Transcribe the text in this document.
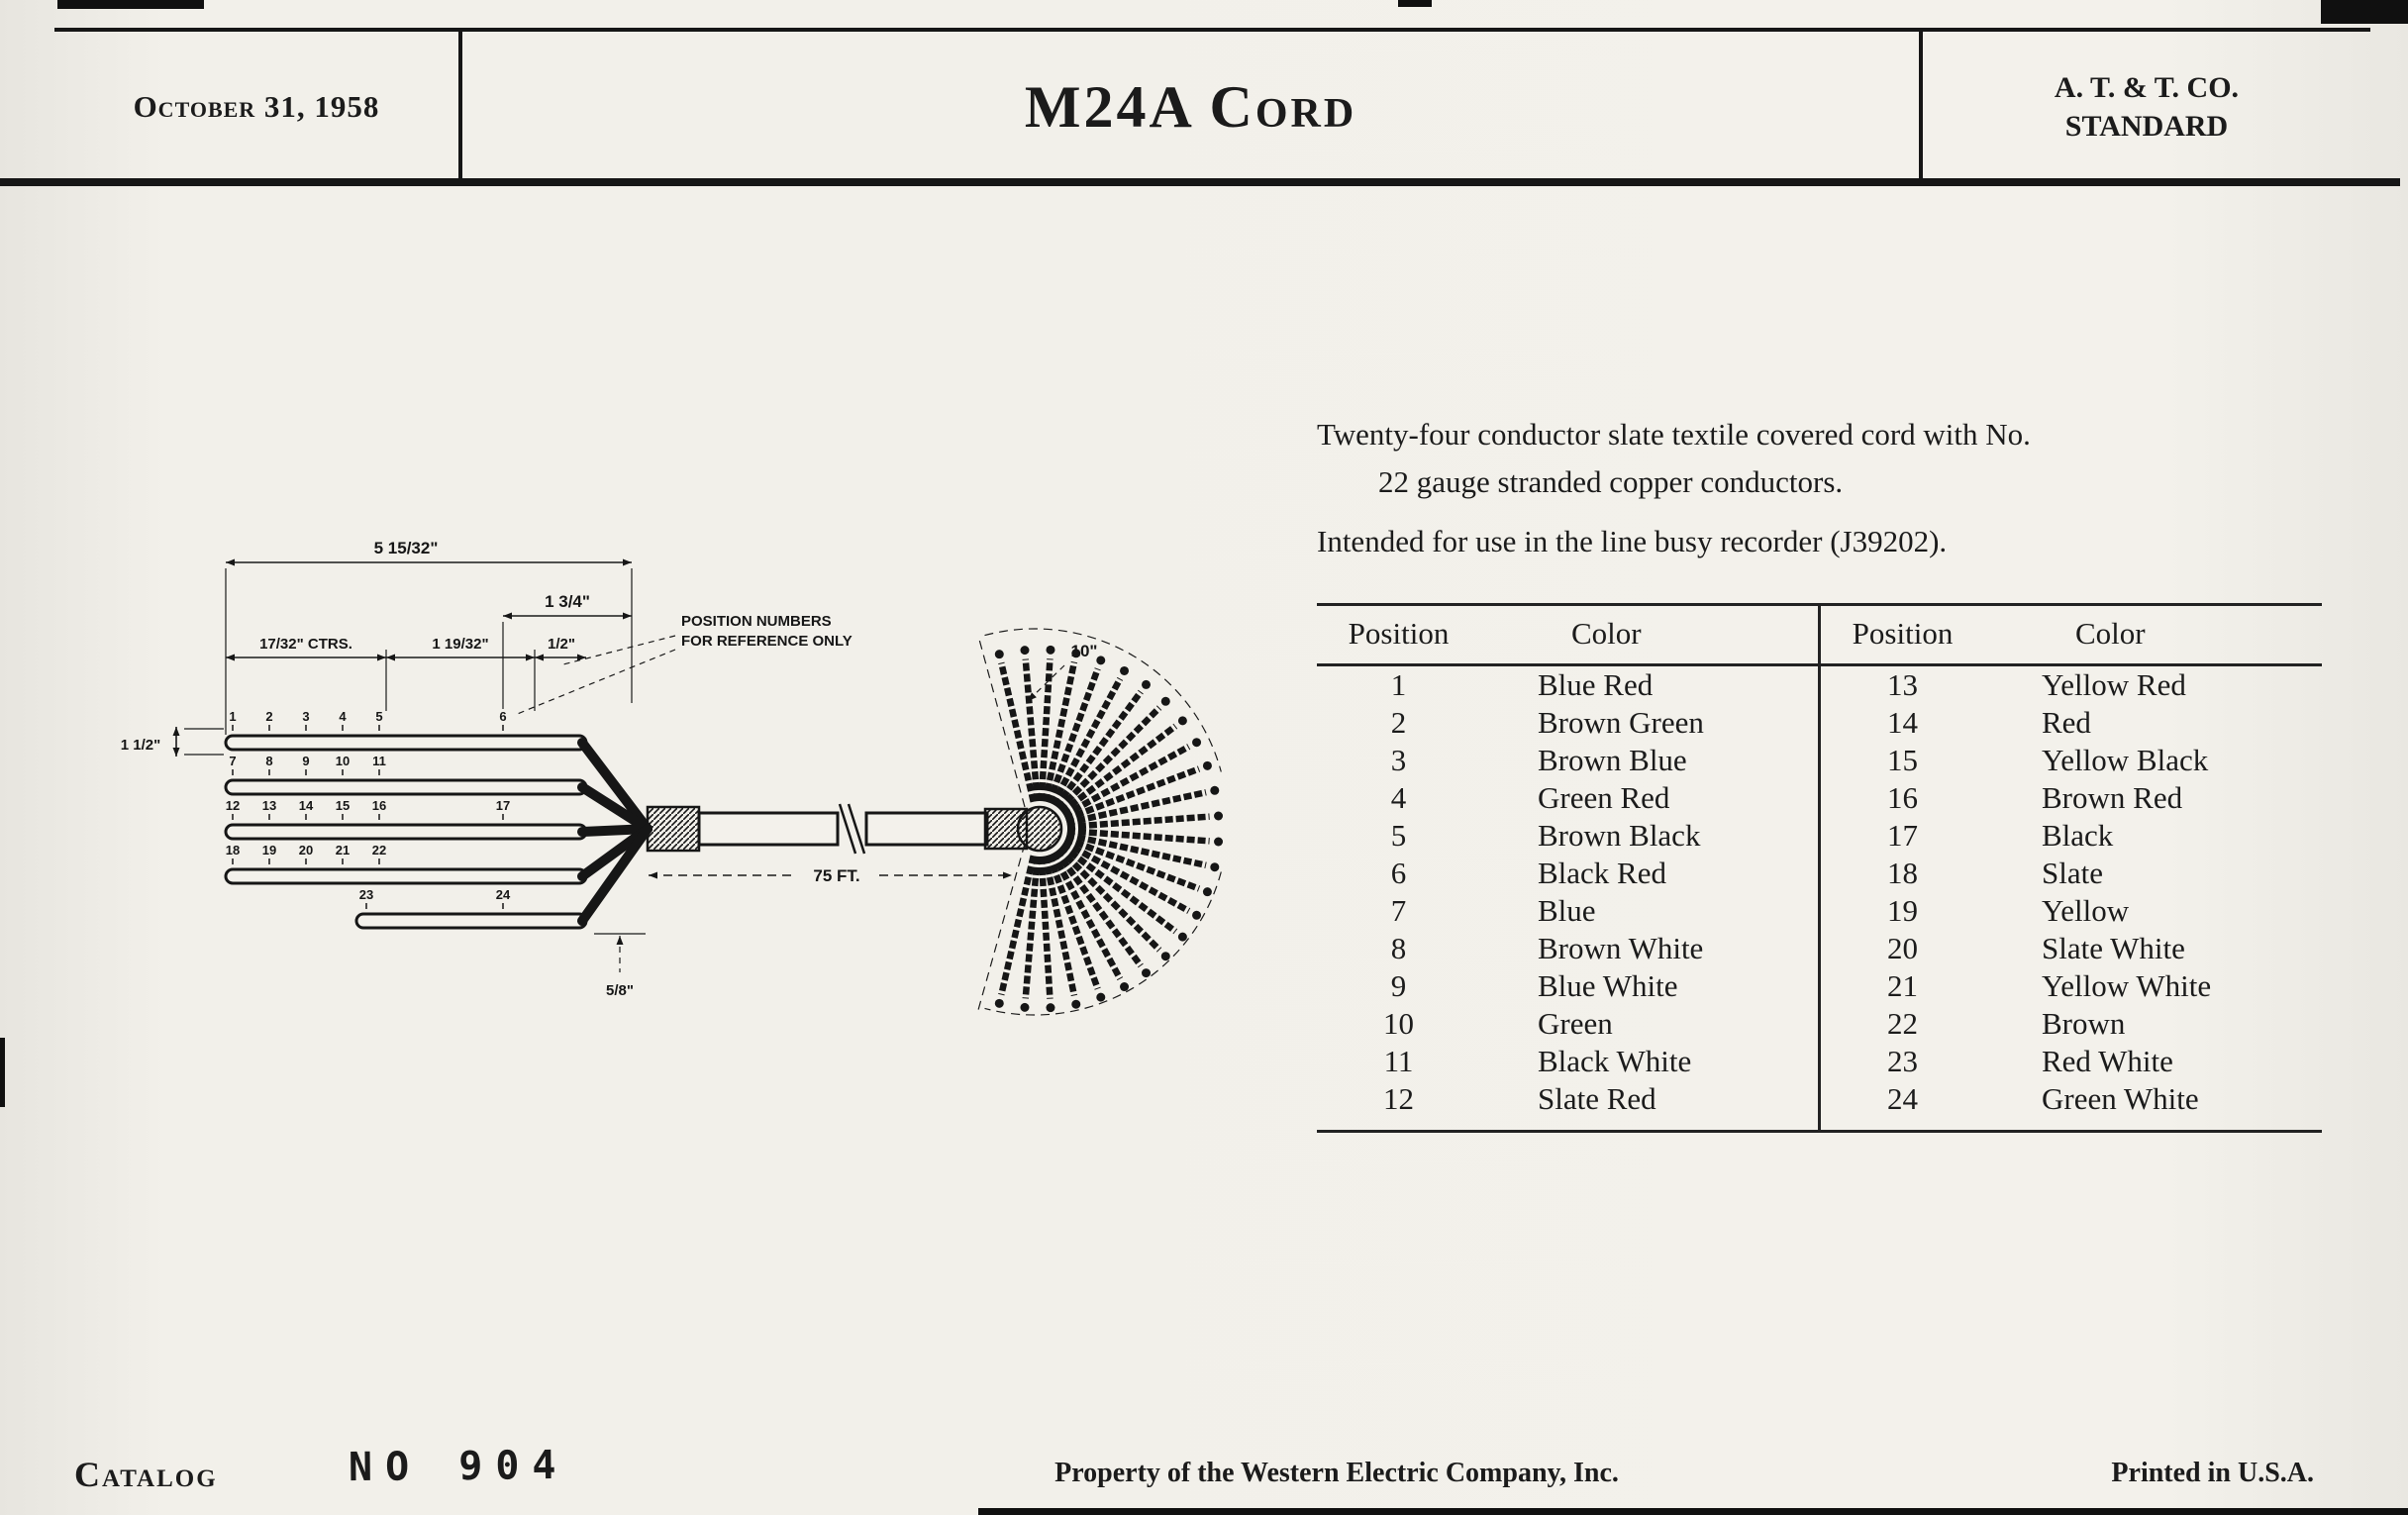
October 31, 1958	M24A Cord	A. T. & T. CO.
STANDARD
5 15/32"
1 3/4"
17/32" CTRS.	1 19/32"	1/2"
1 1/2"
POSITION NUMBERS
FOR REFERENCE ONLY
10"
75 FT.
5/8"
1 2 3 4 5	6
7 8 9 10 11
12 13 14 15 16	17
18 19 20 21 22
23	24

Twenty-four conductor slate textile covered cord with No.
22 gauge stranded copper conductors.

Intended for use in the line busy recorder (J39202).

Position	Color
1	Blue Red
2	Brown Green
3	Brown Blue
4	Green Red
5	Brown Black
6	Black Red
7	Blue
8	Brown White
9	Blue White
10	Green
11	Black White
12	Slate Red
Position	Color
13	Yellow Red
14	Red
15	Yellow Black
16	Brown Red
17	Black
18	Slate
19	Yellow
20	Slate White
21	Yellow White
22	Brown
23	Red White
24	Green White
Catalog	NO 904	Property of the Western Electric Company, Inc.	Printed in U.S.A.
